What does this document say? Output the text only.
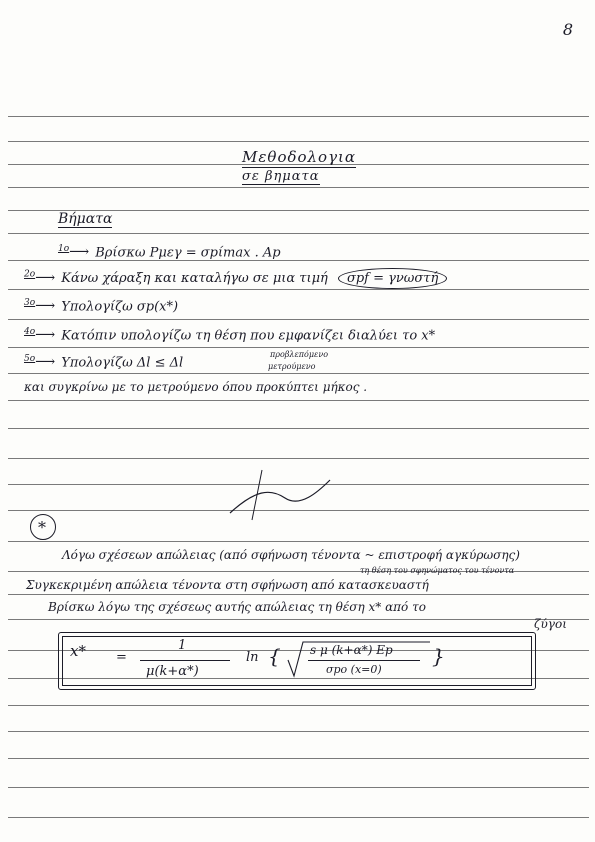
8
Μεθοδολογια
σε βηματα
Βήματα
$^{1o}$⟶ Βρίσκω Pμεγ = σpίmax . Ap
$^{2o}$⟶ Κάνω χάραξη και καταλήγω σε μια τιμή σpf = γνωστή
$^{3o}$⟶ Υπολογίζω σp(x*)
$^{4o}$⟶ Κατόπιν υπολογίζω τη θέση που εμφανίζει διαλύει το x*
$^{5o}$⟶ Υπολογίζω Δl ≤ Δl
προβλεπόμενο
μετρούμενο
και συγκρίνω με το μετρούμενο όπου προκύπτει μήκος .
*
Λόγω σχέσεων απώλειας (από σφήνωση τένοντα ~ επιστροφή αγκύρωσης)
τη θέση του σφηνώματος του τένοντα
Συγκεκριμένη απώλεια τένοντα στη σφήνωση από κατασκευαστή
Βρίσκω λόγω της σχέσεως αυτής απώλειας τη θέση x* από το
ζύγοι
x* =
1
μ(k+α*)
ln { s μ (k+α*) Ep
σpo (x=0)
}
